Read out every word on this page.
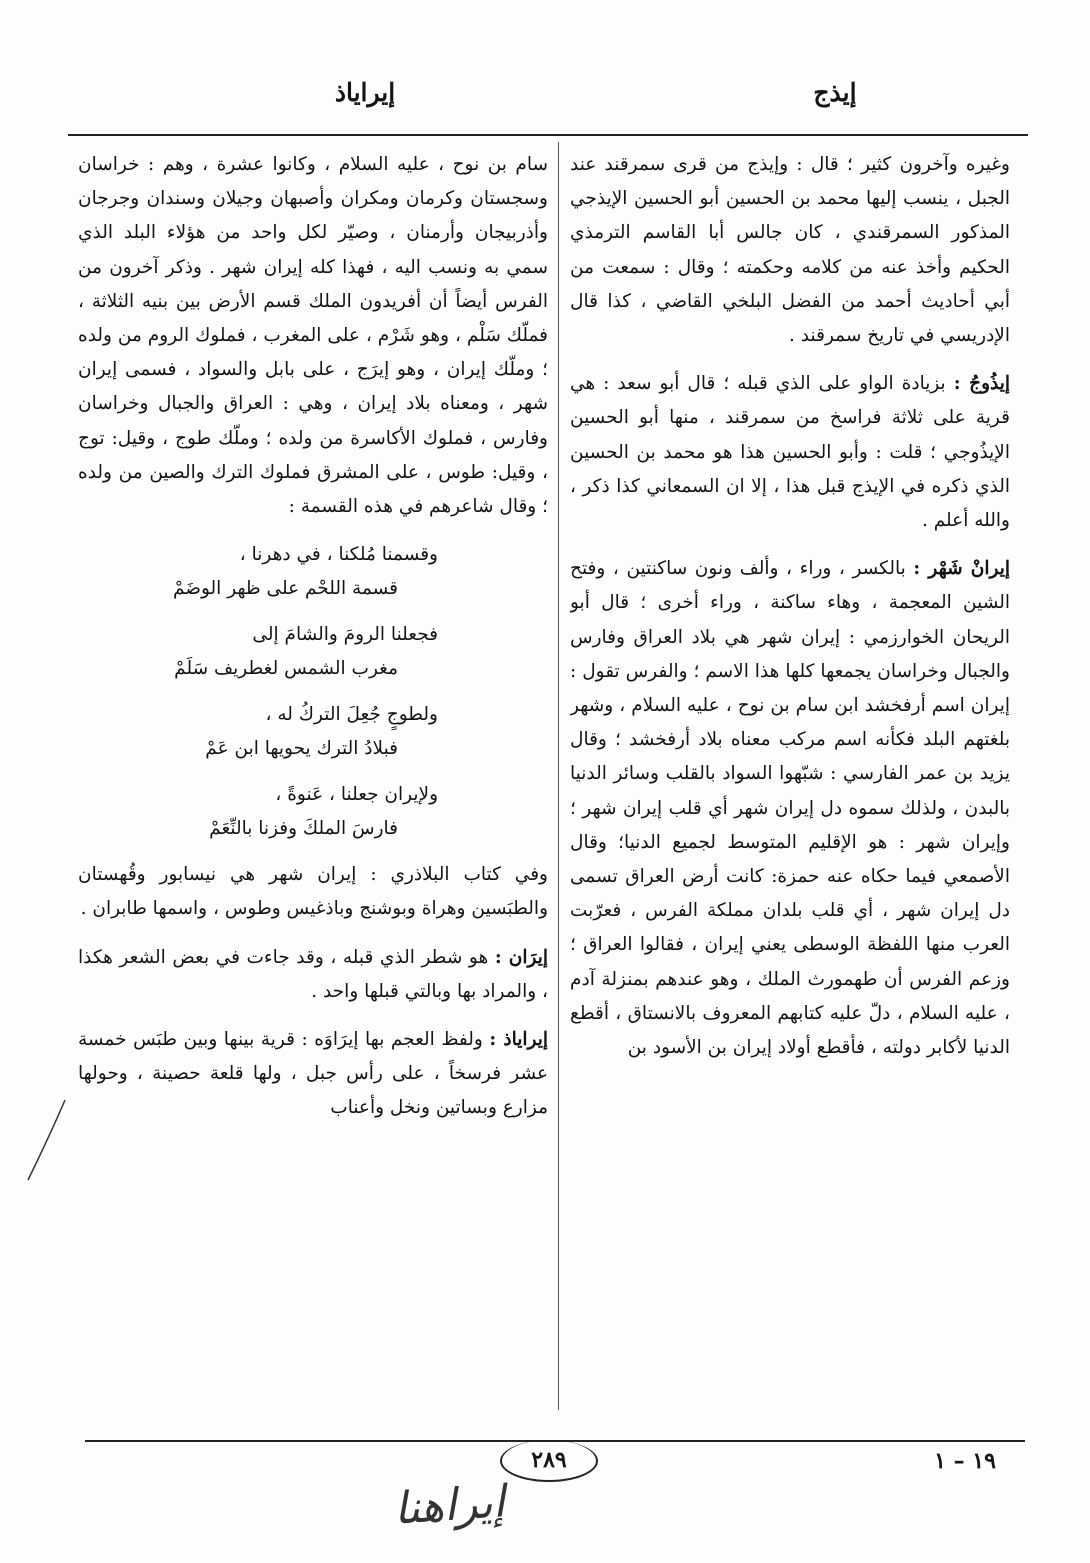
إيذج
إيراياذ

وغيره وآخرون كثير ؛ قال : وإيذج من قرى سمرقند عند الجبل ، ينسب إليها محمد بن الحسين أبو الحسين الإيذجي المذكور السمرقندي ، كان جالس أبا القاسم الترمذي الحكيم وأخذ عنه من كلامه وحكمته ؛ وقال : سمعت من أبي أحاديث أحمد من الفضل البلخي القاضي ، كذا قال الإدريسي في تاريخ سمرقند .

إيذُوجُ : بزيادة الواو على الذي قبله ؛ قال أبو سعد : هي قرية على ثلاثة فراسخ من سمرقند ، منها أبو الحسين الإيذُوجي ؛ قلت : وأبو الحسين هذا هو محمد بن الحسين الذي ذكره في الإيذج قبل هذا ، إلا ان السمعاني كذا ذكر ، والله أعلم .

إيرانْ شَهْر : بالكسر ، وراء ، وألف ونون ساكنتين ، وفتح الشين المعجمة ، وهاء ساكنة ، وراء أخرى ؛ قال أبو الريحان الخوارزمي : إيران شهر هي بلاد العراق وفارس والجبال وخراسان يجمعها كلها هذا الاسم ؛ والفرس تقول : إيران اسم أرفخشد ابن سام بن نوح ، عليه السلام ، وشهر بلغتهم البلد فكأنه اسم مركب معناه بلاد أرفخشد ؛ وقال يزيد بن عمر الفارسي : شبّهوا السواد بالقلب وسائر الدنيا بالبدن ، ولذلك سموه دل إيران شهر أي قلب إيران شهر ؛ وإيران شهر : هو الإقليم المتوسط لجميع الدنيا؛ وقال الأصمعي فيما حكاه عنه حمزة: كانت أرض العراق تسمى دل إيران شهر ، أي قلب بلدان مملكة الفرس ، فعرّبت العرب منها اللفظة الوسطى يعني إيران ، فقالوا العراق ؛ وزعم الفرس أن طهمورث الملك ، وهو عندهم بمنزلة آدم ، عليه السلام ، دلّ عليه كتابهم المعروف بالانستاق ، أقطع الدنيا لأكابر دولته ، فأقطع أولاد إيران بن الأسود بن

سام بن نوح ، عليه السلام ، وكانوا عشرة ، وهم : خراسان وسجستان وكرمان ومكران وأصبهان وجيلان وسندان وجرجان وأذربيجان وأرمنان ، وصيّر لكل واحد من هؤلاء البلد الذي سمي به ونسب اليه ، فهذا كله إيران شهر . وذكر آخرون من الفرس أيضاً أن أفريدون الملك قسم الأرض بين بنيه الثلاثة ، فملّك سَلْم ، وهو شَرْم ، على المغرب ، فملوك الروم من ولده ؛ وملّك إيران ، وهو إيرَج ، على بابل والسواد ، فسمى إيران شهر ، ومعناه بلاد إيران ، وهي : العراق والجبال وخراسان وفارس ، فملوك الأكاسرة من ولده ؛ وملّك طوج ، وقيل: توج ، وقيل: طوس ، على المشرق فملوك الترك والصين من ولده ؛ وقال شاعرهم في هذه القسمة :

وقسمنا مُلكنا ، في دهرنا ،
قسمة اللحْم على ظهر الوضَمْ
فجعلنا الرومَ والشامَ إلى
مغرب الشمس لغطريف سَلَمْ
ولطوجٍ جُعِلَ التركُ له ،
فبلادُ الترك يحويها ابن عَمْ
ولإيران جعلنا ، عَنوةً ،
فارسَ الملكَ وفزنا بالنِّعَمْ

وفي كتاب البلاذري : إيران شهر هي نيسابور وقُهستان والطبَسين وهراة وبوشنج وباذغيس وطوس ، واسمها طابران .

إيرَان : هو شطر الذي قبله ، وقد جاءت في بعض الشعر هكذا ، والمراد بها وبالتي قبلها واحد .

إيراياذ : ولفظ العجم بها إيرَاوَه : قرية بينها وبين طبَس خمسة عشر فرسخاً ، على رأس جبل ، ولها قلعة حصينة ، وحولها مزارع وبساتين ونخل وأعناب

٢٨٩	١٩ – ١
إيراهنا
